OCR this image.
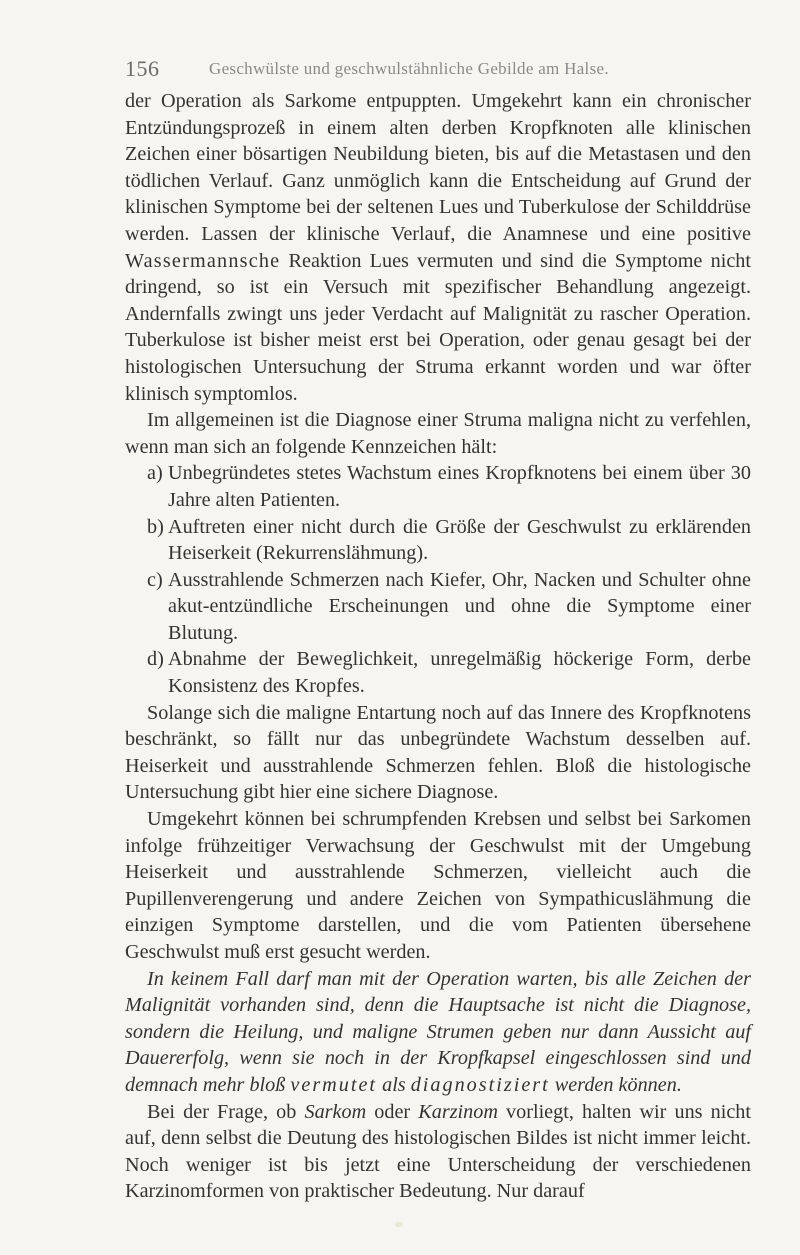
156	Geschwülste und geschwulstähnliche Gebilde am Halse.

der Operation als Sarkome entpuppten. Umgekehrt kann ein chronischer Entzündungsprozeß in einem alten derben Kropfknoten alle klinischen Zeichen einer bösartigen Neubildung bieten, bis auf die Metastasen und den tödlichen Verlauf. Ganz unmöglich kann die Entscheidung auf Grund der klinischen Symptome bei der seltenen Lues und Tuberkulose der Schilddrüse werden. Lassen der klinische Verlauf, die Anamnese und eine positive Wassermannsche Reaktion Lues vermuten und sind die Symptome nicht dringend, so ist ein Versuch mit spezifischer Behandlung angezeigt. Andernfalls zwingt uns jeder Verdacht auf Malignität zu rascher Operation. Tuberkulose ist bisher meist erst bei Operation, oder genau gesagt bei der histologischen Untersuchung der Struma erkannt worden und war öfter klinisch symptomlos.

Im allgemeinen ist die Diagnose einer Struma maligna nicht zu verfehlen, wenn man sich an folgende Kennzeichen hält:

a) Unbegründetes stetes Wachstum eines Kropfknotens bei einem über 30 Jahre alten Patienten.
b) Auftreten einer nicht durch die Größe der Geschwulst zu erklärenden Heiserkeit (Rekurrenslähmung).
c) Ausstrahlende Schmerzen nach Kiefer, Ohr, Nacken und Schulter ohne akut-entzündliche Erscheinungen und ohne die Symptome einer Blutung.
d) Abnahme der Beweglichkeit, unregelmäßig höckerige Form, derbe Konsistenz des Kropfes.

Solange sich die maligne Entartung noch auf das Innere des Kropfknotens beschränkt, so fällt nur das unbegründete Wachstum desselben auf. Heiserkeit und ausstrahlende Schmerzen fehlen. Bloß die histologische Untersuchung gibt hier eine sichere Diagnose.

Umgekehrt können bei schrumpfenden Krebsen und selbst bei Sarkomen infolge frühzeitiger Verwachsung der Geschwulst mit der Umgebung Heiserkeit und ausstrahlende Schmerzen, vielleicht auch die Pupillenverengerung und andere Zeichen von Sympathicuslähmung die einzigen Symptome darstellen, und die vom Patienten übersehene Geschwulst muß erst gesucht werden.

In keinem Fall darf man mit der Operation warten, bis alle Zeichen der Malignität vorhanden sind, denn die Hauptsache ist nicht die Diagnose, sondern die Heilung, und maligne Strumen geben nur dann Aussicht auf Dauererfolg, wenn sie noch in der Kropfkapsel eingeschlossen sind und demnach mehr bloß vermutet als diagnostiziert werden können.

Bei der Frage, ob Sarkom oder Karzinom vorliegt, halten wir uns nicht auf, denn selbst die Deutung des histologischen Bildes ist nicht immer leicht. Noch weniger ist bis jetzt eine Unterscheidung der verschiedenen Karzinomformen von praktischer Bedeutung. Nur darauf
